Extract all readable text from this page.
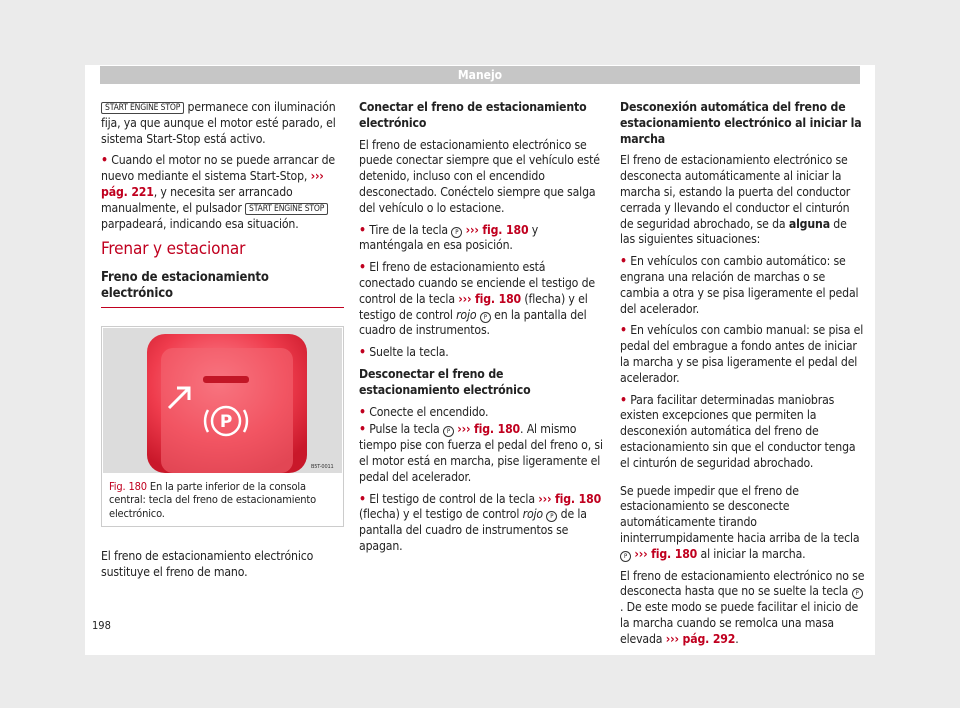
Manejo

START ENGINE STOP permanece con iluminación fija, ya que aunque el motor esté parado, el sistema Start-Stop está activo.

• Cuando el motor no se puede arrancar de nuevo mediante el sistema Start-Stop, ››› pág. 221, y necesita ser arrancado manualmente, el pulsador START ENGINE STOP parpadeará, indicando esa situación.

Frenar y estacionar
Freno de estacionamiento electrónico
P
B5T-0011
Fig. 180 En la parte inferior de la consola central: tecla del freno de estacionamiento electrónico.

El freno de estacionamiento electrónico sustituye el freno de mano.

Conectar el freno de estacionamiento electrónico

El freno de estacionamiento electrónico se puede conectar siempre que el vehículo esté detenido, incluso con el encendido desconectado. Conéctelo siempre que salga del vehículo o lo estacione.

• Tire de la tecla P ››› fig. 180 y manténgala en esa posición.

• El freno de estacionamiento está conectado cuando se enciende el testigo de control de la tecla ››› fig. 180 (flecha) y el testigo de control rojo P en la pantalla del cuadro de instrumentos.

• Suelte la tecla.

Desconectar el freno de estacionamiento electrónico

• Conecte el encendido.

• Pulse la tecla P ››› fig. 180. Al mismo tiempo pise con fuerza el pedal del freno o, si el motor está en marcha, pise ligeramente el pedal del acelerador.

• El testigo de control de la tecla ››› fig. 180 (flecha) y el testigo de control rojo P de la pantalla del cuadro de instrumentos se apagan.

Desconexión automática del freno de estacionamiento electrónico al iniciar la marcha

El freno de estacionamiento electrónico se desconecta automáticamente al iniciar la marcha si, estando la puerta del conductor cerrada y llevando el conductor el cinturón de seguridad abrochado, se da alguna de las siguientes situaciones:

• En vehículos con cambio automático: se engrana una relación de marchas o se cambia a otra y se pisa ligeramente el pedal del acelerador.

• En vehículos con cambio manual: se pisa el pedal del embrague a fondo antes de iniciar la marcha y se pisa ligeramente el pedal del acelerador.

• Para facilitar determinadas maniobras existen excepciones que permiten la desconexión automática del freno de estacionamiento sin que el conductor tenga el cinturón de seguridad abrochado.

Se puede impedir que el freno de estacionamiento se desconecte automáticamente tirando ininterrumpidamente hacia arriba de la tecla P ››› fig. 180 al iniciar la marcha.

El freno de estacionamiento electrónico no se desconecta hasta que no se suelte la tecla P. De este modo se puede facilitar el inicio de la marcha cuando se remolca una masa elevada ››› pág. 292.

198
